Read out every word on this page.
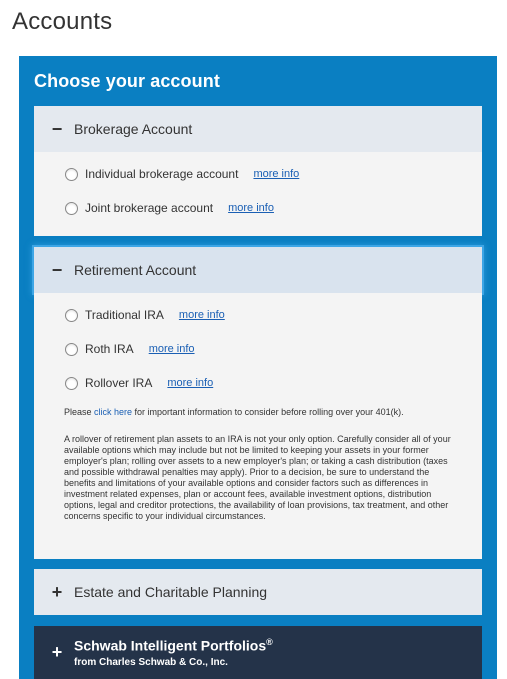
Accounts
Choose your account
− Brokerage Account
Individual brokerage account more info
Joint brokerage account more info
− Retirement Account
Traditional IRA more info
Roth IRA more info
Rollover IRA more info
Please click here for important information to consider before rolling over your 401(k).
A rollover of retirement plan assets to an IRA is not your only option. Carefully consider all of your available options which may include but not be limited to keeping your assets in your former employer's plan; rolling over assets to a new employer's plan; or taking a cash distribution (taxes and possible withdrawal penalties may apply). Prior to a decision, be sure to understand the benefits and limitations of your available options and consider factors such as differences in investment related expenses, plan or account fees, available investment options, distribution options, legal and creditor protections, the availability of loan provisions, tax treatment, and other concerns specific to your individual circumstances.
+ Estate and Charitable Planning
+ Schwab Intelligent Portfolios®
from Charles Schwab & Co., Inc.
